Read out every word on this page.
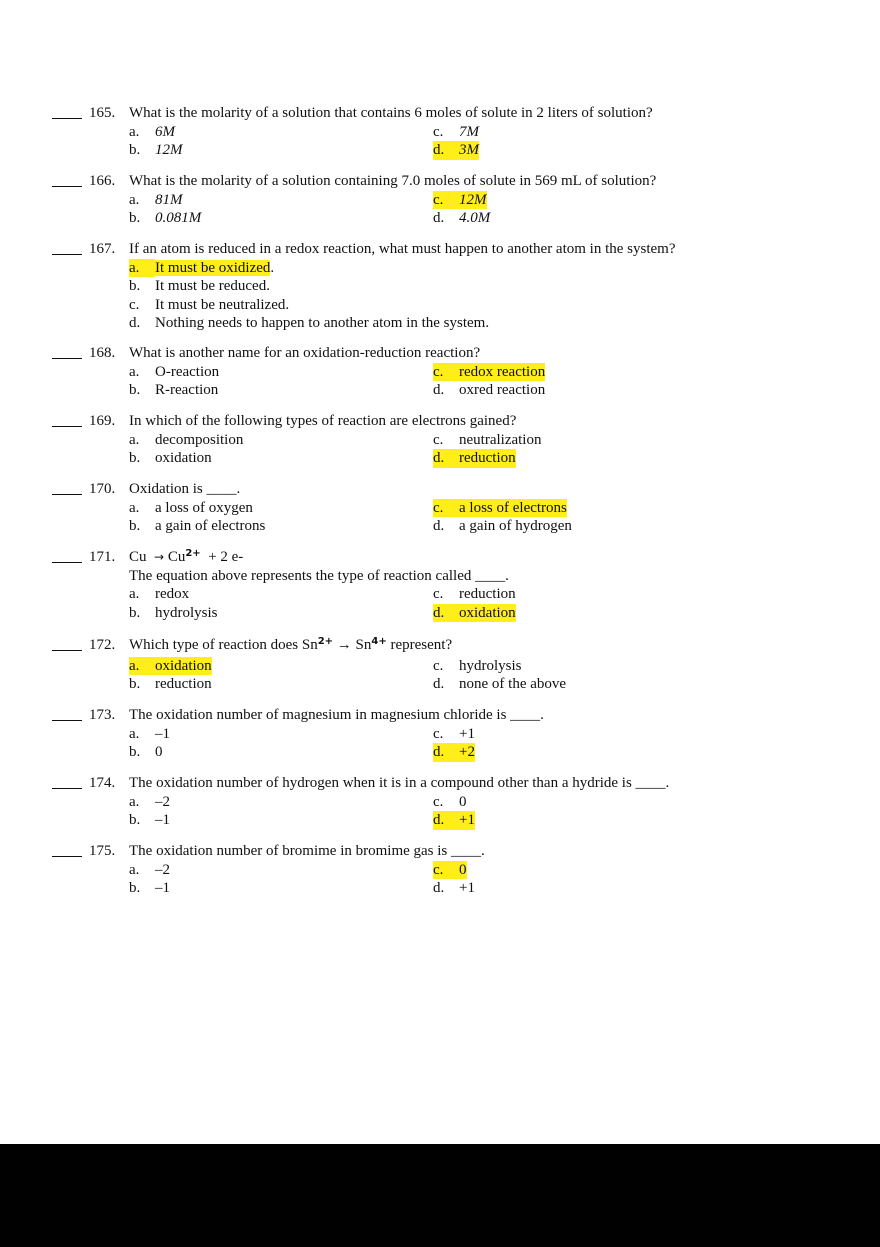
165. What is the molarity of a solution that contains 6 moles of solute in 2 liters of solution?
a. 6M	c. 7M
b. 12M	d. 3M
166. What is the molarity of a solution containing 7.0 moles of solute in 569 mL of solution?
a. 81M	c. 12M
b. 0.081M	d. 4.0M
167. If an atom is reduced in a redox reaction, what must happen to another atom in the system?
a. It must be oxidized.
b. It must be reduced.
c. It must be neutralized.
d. Nothing needs to happen to another atom in the system.
168. What is another name for an oxidation-reduction reaction?
a. O-reaction	c. redox reaction
b. R-reaction	d. oxred reaction
169. In which of the following types of reaction are electrons gained?
a. decomposition	c. neutralization
b. oxidation	d. reduction
170. Oxidation is ____.
a. a loss of oxygen	c. a loss of electrons
b. a gain of electrons	d. a gain of hydrogen
171. $Cu \to Cu^{2+} + 2$ e-
The equation above represents the type of reaction called ____.
a. redox	c. reduction
b. hydrolysis	d. oxidation
172. Which type of reaction does $Sn^{2+} \to Sn^{4+}$ represent?
a. oxidation	c. hydrolysis
b. reduction	d. none of the above
173. The oxidation number of magnesium in magnesium chloride is ____.
a. –1	c. +1
b. 0	d. +2
174. The oxidation number of hydrogen when it is in a compound other than a hydride is ____.
a. –2	c. 0
b. –1	d. +1
175. The oxidation number of bromime in bromime gas is ____.
a. –2	c. 0
b. –1	d. +1
